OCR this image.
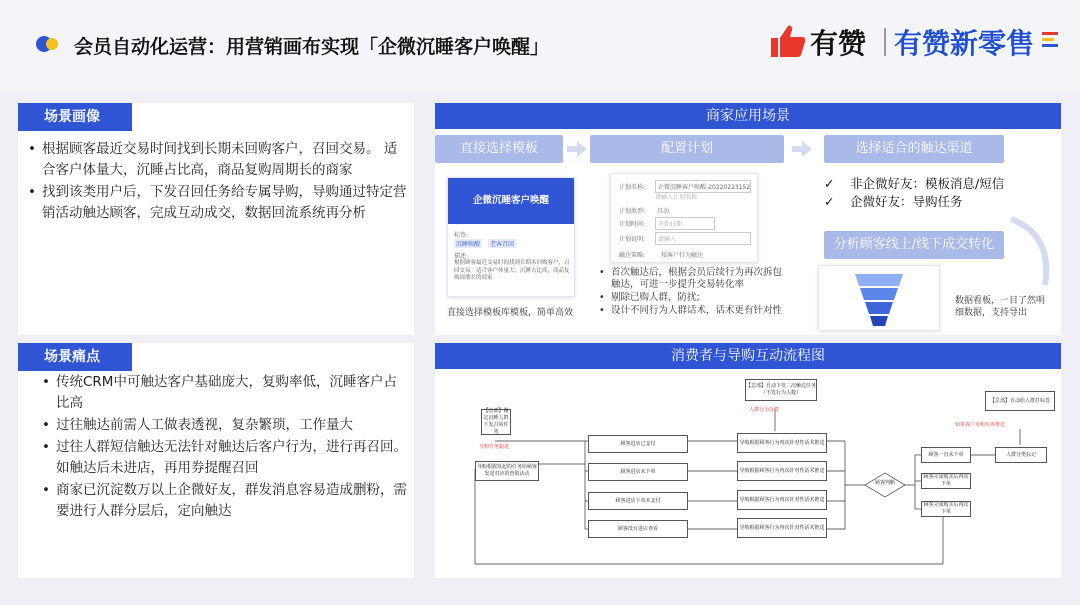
会员自动化运营：用营销画布实现「企微沉睡客户唤醒」	有赞 有赞新零售
场景画像
• 根据顾客最近交易时间找到长期未回购客户，召回交易。 适合客户体量大，沉睡占比高，商品复购周期长的商家
• 找到该类用户后，下发召回任务给专属导购，导购通过特定营销活动触达顾客，完成互动成交，数据回流系统再分析
场景痛点
• 传统CRM中可触达客户基础庞大，复购率低，沉睡客户占比高
• 过往触达前需人工做表透视，复杂繁琐，工作量大
• 过往人群短信触达无法针对触达后客户行为，进行再召回。如触达后未进店，再用券提醒召回
• 商家已沉淀数万以上企微好友，群发消息容易造成删粉，需要进行人群分层后，定向触达
商家应用场景
直接选择模板	配置计划	选择适合的触达渠道
企微沉睡客户唤醒
标签:
沉睡唤醒	老客召回
描述:
根据顾客最近交易时间找到长期未回购客户，召回交易。适合客户体量大，沉睡占比高，商品复购周期长的商家
直接选择模板库模板，简单高效
计划名称:	企微沉睡客户唤醒-20220223152
请输入计划名称
计划类型: 自动
计划时间:	开始日期
计划说明:	请输入
触达策略:	按客户行为触达
• 首次触达后，根据会员后续行为再次拆包触达，可进一步提升交易转化率
• 剔除已购人群，防扰;
• 设计不同行为人群话术，话术更有针对性
✓ 非企微好友：模板消息/短信
✓ 企微好友：导购任务
分析顾客线上/线下成交转化
数据看板，一目了然明细数据，支持导出
消费者与导购互动流程图
【总部】圈定沉睡人群 下发召回任务
导购根据发起的任务给顾客发送对应的营销活动
导购任务跟进
【总部】自动下发二次触达任务（不发行为人数）
人群行为分群
【总部】自动给人群打标签
如果客户未购买再推送
顾客进店已支付
顾客进店未下单
顾客进店下单未支付
顾客没有进店查看
导购根据顾客行为再次针对性话术推送
导购根据顾客行为再次针对性话术推送
导购根据顾客行为再次针对性话术推送
导购根据顾客行为再次针对性话术推送
顾客判断
顾客一直未下单
顾客完成购买后再次下单
顾客完成购买后再次下单
人群分类标记
